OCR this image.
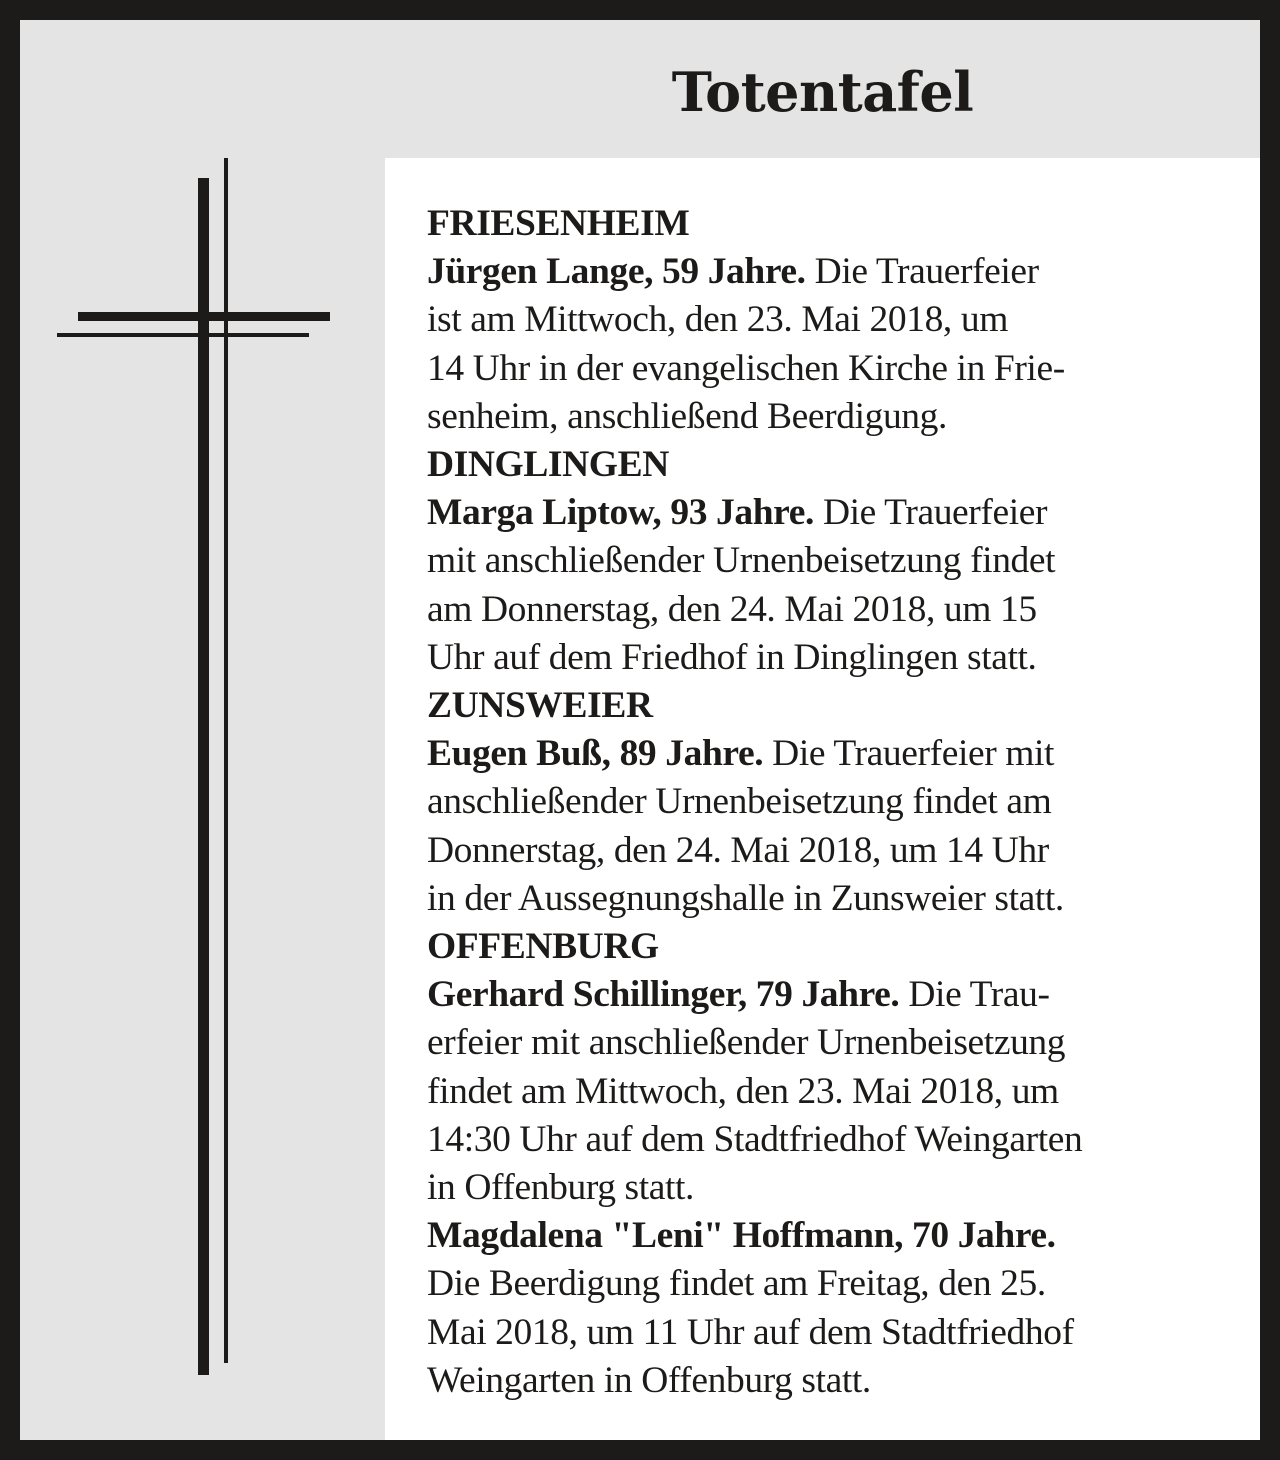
Totentafel
FRIESENHEIM
Jürgen Lange, 59 Jahre. Die Trauerfeier
ist am Mittwoch, den 23. Mai 2018, um
14 Uhr in der evangelischen Kirche in Frie-
senheim, anschließend Beerdigung.
DINGLINGEN
Marga Liptow, 93 Jahre. Die Trauerfeier
mit anschließender Urnenbeisetzung findet
am Donnerstag, den 24. Mai 2018, um 15
Uhr auf dem Friedhof in Dinglingen statt.
ZUNSWEIER
Eugen Buß, 89 Jahre. Die Trauerfeier mit
anschließender Urnenbeisetzung findet am
Donnerstag, den 24. Mai 2018, um 14 Uhr
in der Aussegnungshalle in Zunsweier statt.
OFFENBURG
Gerhard Schillinger, 79 Jahre. Die Trau-
erfeier mit anschließender Urnenbeisetzung
findet am Mittwoch, den 23. Mai 2018, um
14:30 Uhr auf dem Stadtfriedhof Weingarten
in Offenburg statt.
Magdalena "Leni" Hoffmann, 70 Jahre.
Die Beerdigung findet am Freitag, den 25.
Mai 2018, um 11 Uhr auf dem Stadtfriedhof
Weingarten in Offenburg statt.
